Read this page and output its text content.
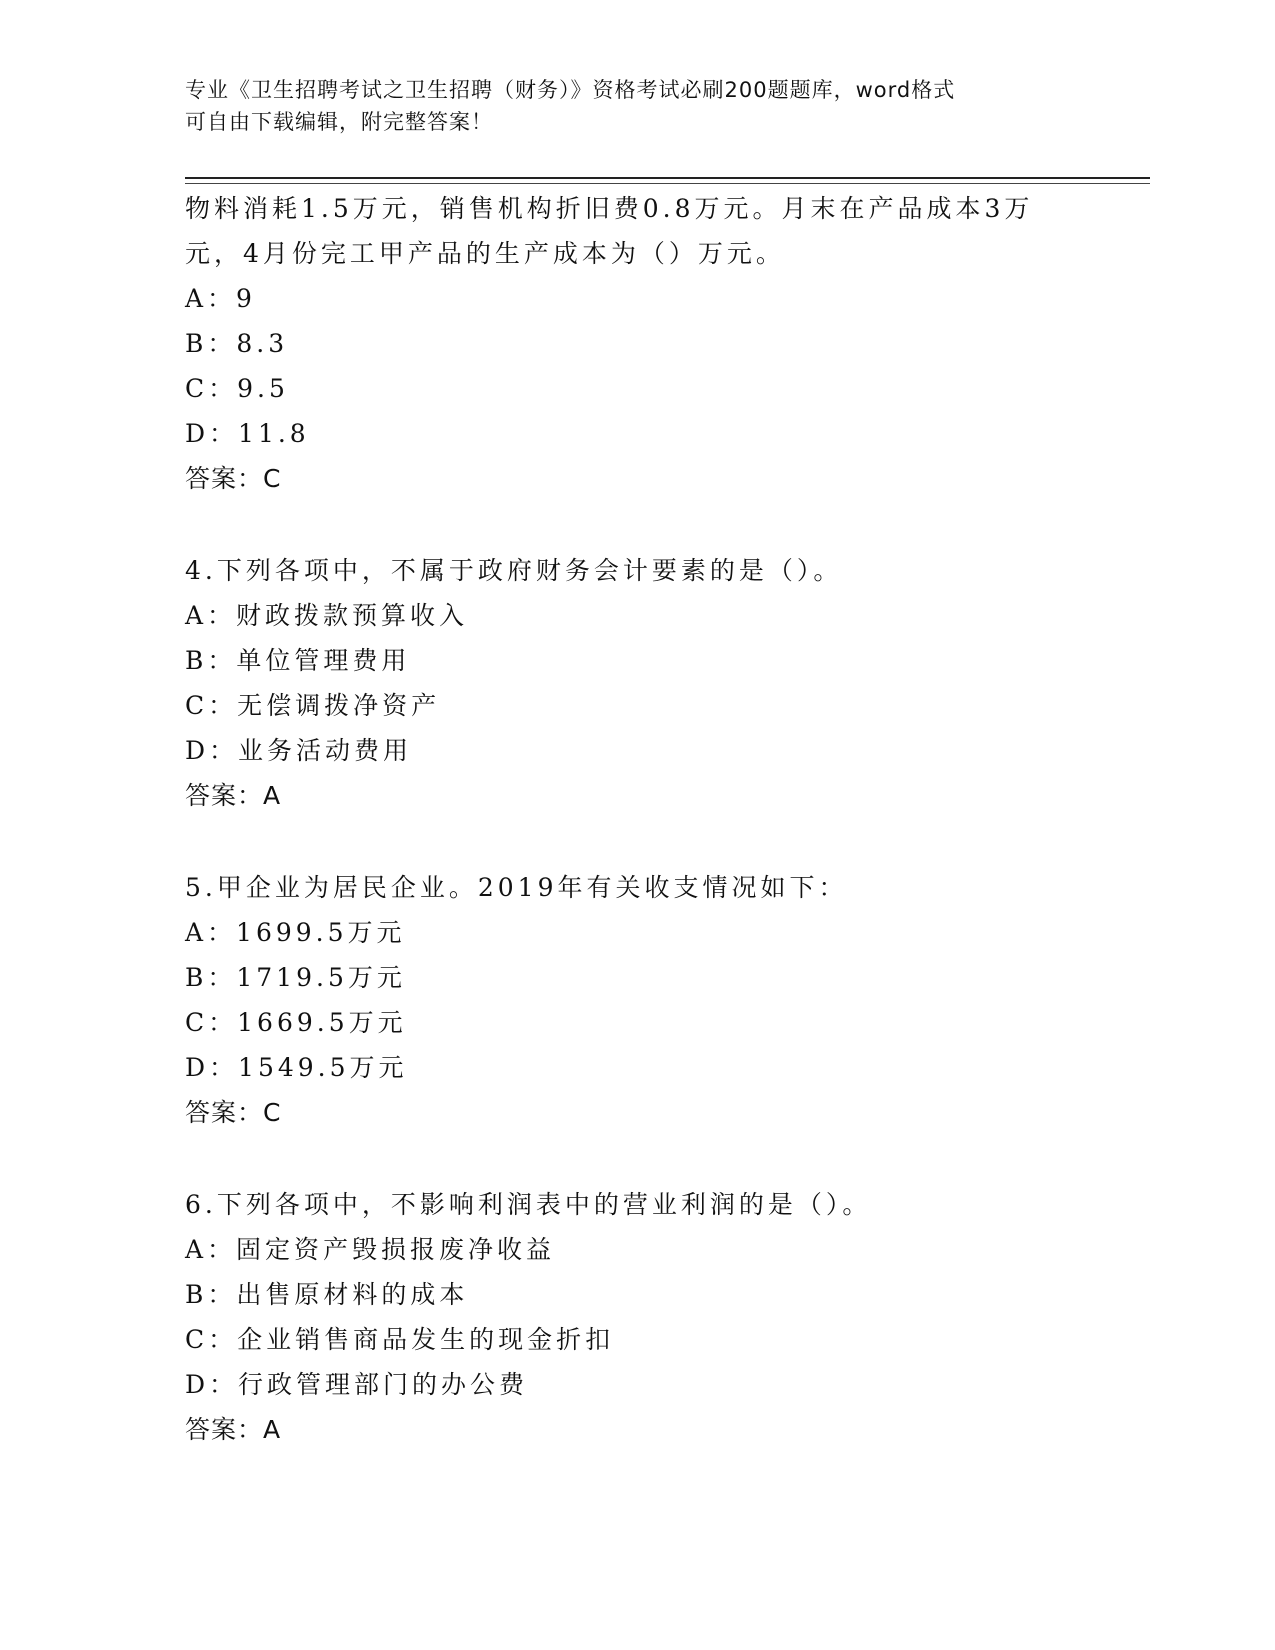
专业《卫生招聘考试之卫生招聘（财务）》资格考试必刷200题题库，word格式
可自由下载编辑，附完整答案！
物料消耗1.5万元，销售机构折旧费0.8万元。月末在产品成本3万
元，4月份完工甲产品的生产成本为（）万元。
A：9
B：8.3
C：9.5
D：11.8
答案：C
4.下列各项中，不属于政府财务会计要素的是（）。
A：财政拨款预算收入
B：单位管理费用
C：无偿调拨净资产
D：业务活动费用
答案：A
5.甲企业为居民企业。2019年有关收支情况如下：
A：1699.5万元
B：1719.5万元
C：1669.5万元
D：1549.5万元
答案：C
6.下列各项中，不影响利润表中的营业利润的是（）。
A：固定资产毁损报废净收益
B：出售原材料的成本
C：企业销售商品发生的现金折扣
D：行政管理部门的办公费
答案：A
